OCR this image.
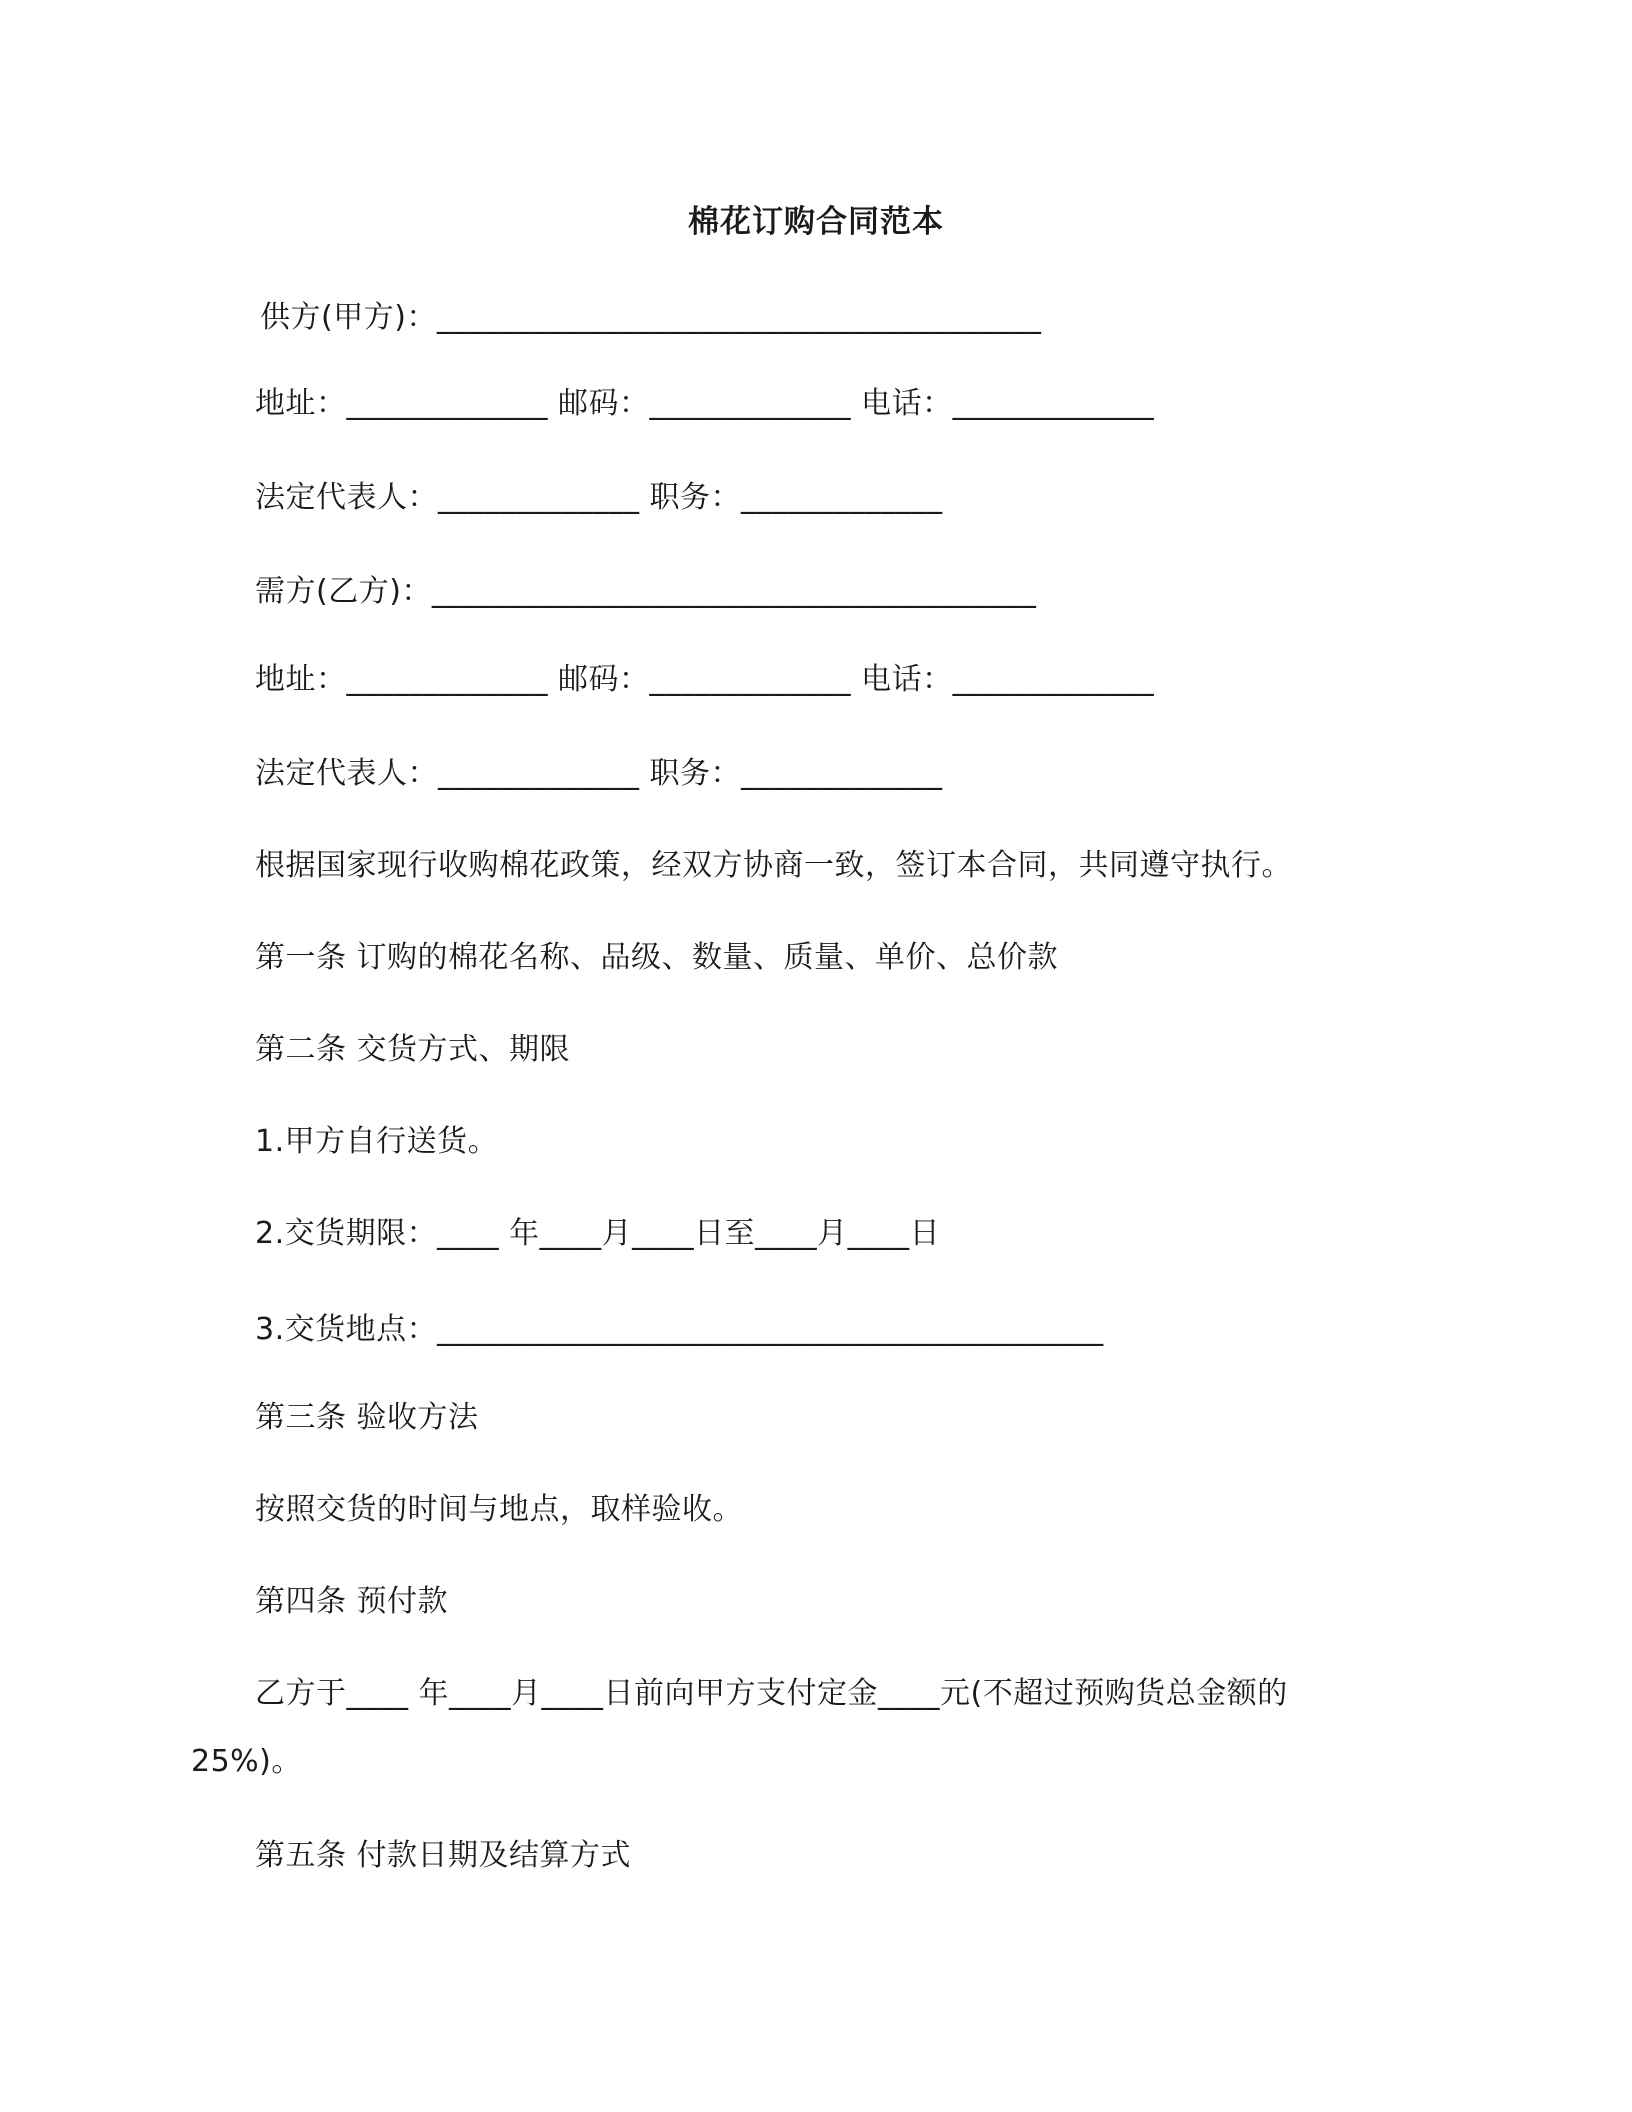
棉花订购合同范本
供方(甲方)：_______________________________________
地址：_____________ 邮码：_____________ 电话：_____________
法定代表人：_____________ 职务：_____________
需方(乙方)：_______________________________________
地址：_____________ 邮码：_____________ 电话：_____________
法定代表人：_____________ 职务：_____________
根据国家现行收购棉花政策，经双方协商一致，签订本合同，共同遵守执行。
第一条 订购的棉花名称、品级、数量、质量、单价、总价款
第二条 交货方式、期限
1.甲方自行送货。
2.交货期限：____ 年____月____日至____月____日
3.交货地点：___________________________________________
第三条 验收方法
按照交货的时间与地点，取样验收。
第四条 预付款
乙方于____ 年____月____日前向甲方支付定金____元(不超过预购货总金额的
25%)。
第五条 付款日期及结算方式
